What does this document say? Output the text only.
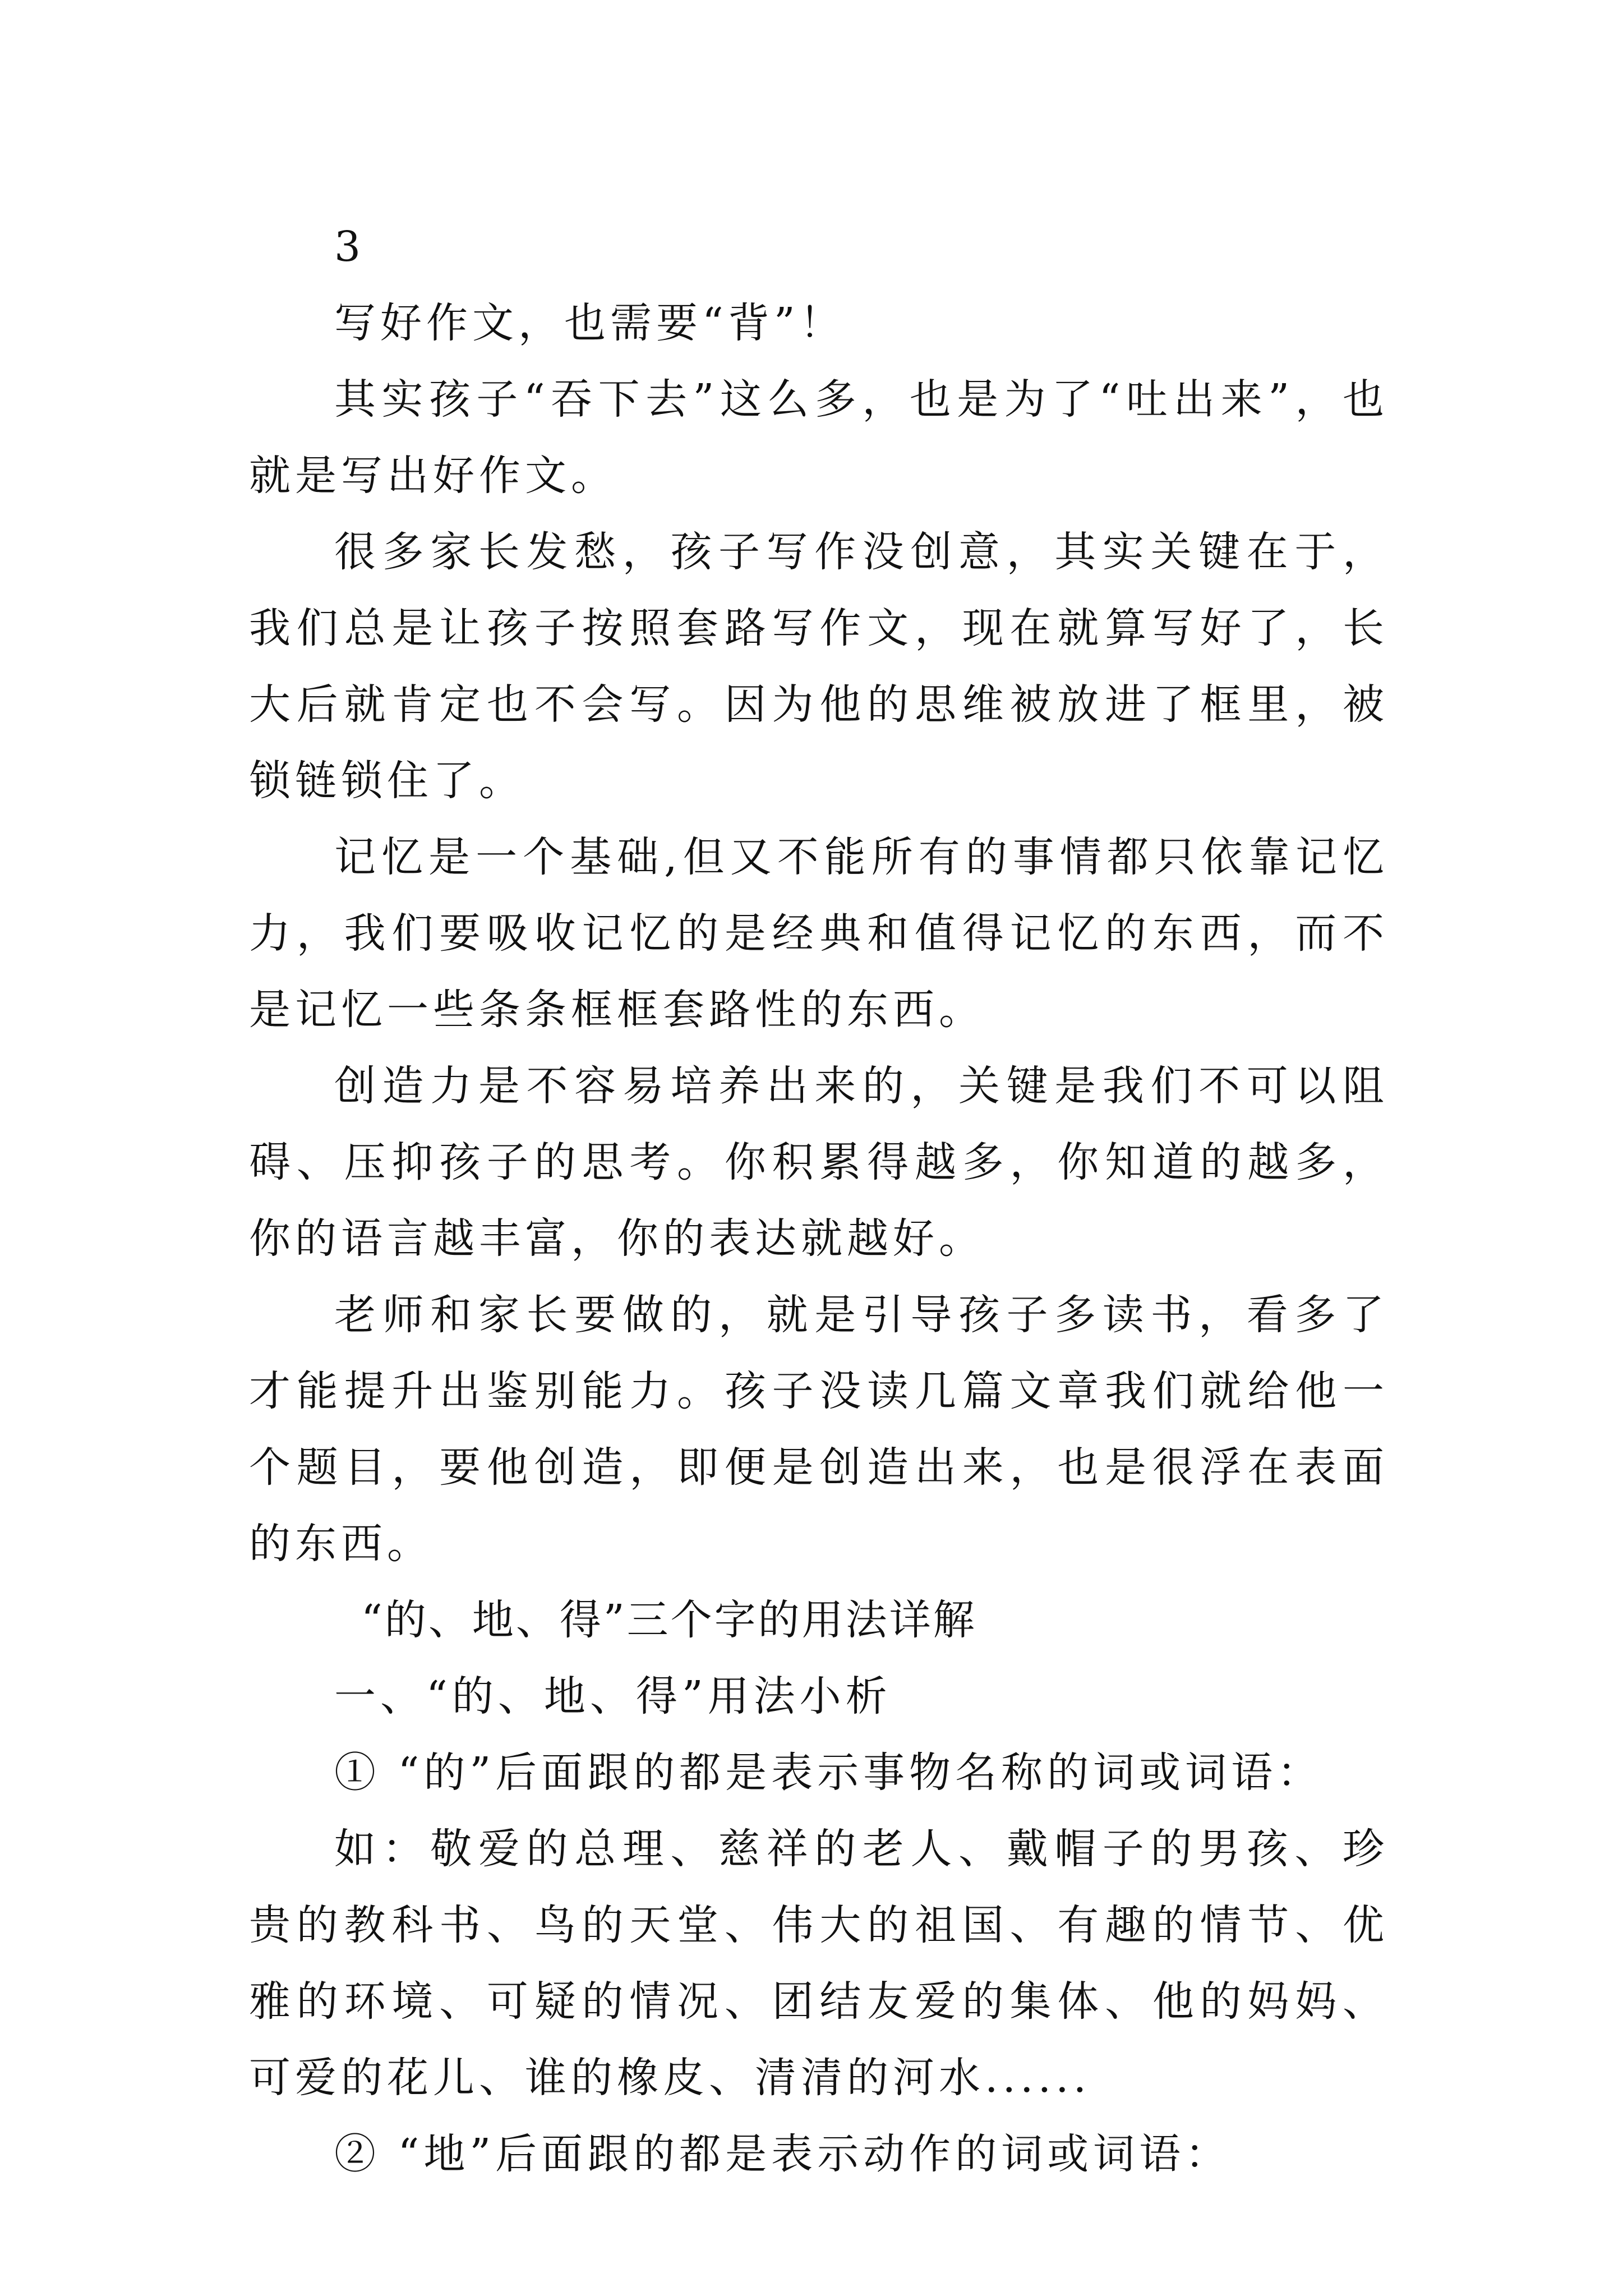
3

写好作文，也需要“背”！

其实孩子“吞下去”这么多，也是为了“吐出来”，也就是写出好作文。

很多家长发愁，孩子写作没创意，其实关键在于，我们总是让孩子按照套路写作文，现在就算写好了，长大后就肯定也不会写。因为他的思维被放进了框里，被锁链锁住了。

记忆是一个基础,但又不能所有的事情都只依靠记忆力，我们要吸收记忆的是经典和值得记忆的东西，而不是记忆一些条条框框套路性的东西。

创造力是不容易培养出来的，关键是我们不可以阻碍、压抑孩子的思考。你积累得越多，你知道的越多，你的语言越丰富，你的表达就越好。

老师和家长要做的，就是引导孩子多读书，看多了才能提升出鉴别能力。孩子没读几篇文章我们就给他一个题目，要他创造，即便是创造出来，也是很浮在表面的东西。

“的、地、得”三个字的用法详解

一、“的、地、得”用法小析

① “的”后面跟的都是表示事物名称的词或词语：

如：敬爱的总理、慈祥的老人、戴帽子的男孩、珍贵的教科书、鸟的天堂、伟大的祖国、有趣的情节、优雅的环境、可疑的情况、团结友爱的集体、他的妈妈、可爱的花儿、谁的橡皮、清清的河水......

② “地”后面跟的都是表示动作的词或词语：
